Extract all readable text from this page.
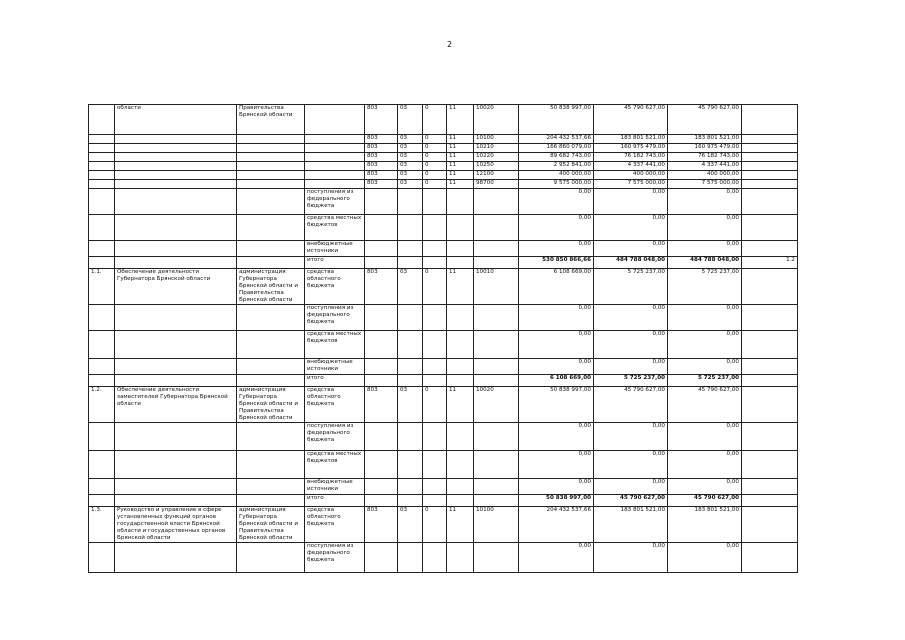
2
	области	Правительства Брянской области		803	03	0	11	10020	50 838 997,00	45 790 627,00	45 790 627,00	
				803	03	0	11	10100	204 432 537,66	183 801 521,00	183 801 521,00	
				803	03	0	11	10210	166 860 079,00	160 975 479,00	160 975 479,00	
				803	03	0	11	10220	89 682 743,00	76 182 743,00	76 182 743,00	
				803	03	0	11	10250	2 952 841,00	4 337 441,00	4 337 441,00	
				803	03	0	11	12100	400 000,00	400 000,00	400 000,00	
				803	03	0	11	98700	9 575 000,00	7 575 000,00	7 575 000,00	
			поступления из федерального бюджета						0,00	0,00	0,00	
			средства местных бюджетов						0,00	0,00	0,00	
			внебюджетные источники						0,00	0,00	0,00	
			итого						530 850 866,66	484 788 048,00	484 788 048,00	1.2
1.1.	Обеспечение деятельности Губернатора Брянской области	администрация Губернатора Брянской области и Правительства Брянской области	средства областного бюджета	803	03	0	11	10010	6 108 669,00	5 725 237,00	5 725 237,00	
			поступления из федерального бюджета						0,00	0,00	0,00	
			средства местных бюджетов						0,00	0,00	0,00	
			внебюджетные источники						0,00	0,00	0,00	
			итого						6 108 669,00	5 725 237,00	5 725 237,00	
1.2.	Обеспечение деятельности заместителей Губернатора Брянской области	администрация Губернатора Брянской области и Правительства Брянской области	средства областного бюджета	803	03	0	11	10020	50 838 997,00	45 790 627,00	45 790 627,00	
			поступления из федерального бюджета						0,00	0,00	0,00	
			средства местных бюджетов						0,00	0,00	0,00	
			внебюджетные источники						0,00	0,00	0,00	
			итого						50 838 997,00	45 790 627,00	45 790 627,00	
1.3.	Руководство и управление в сфере установленных функций органов государственной власти Брянской области и государственных органов Брянской области	администрация Губернатора Брянской области и Правительства Брянской области	средства областного бюджета	803	03	0	11	10100	204 432 537,66	183 801 521,00	183 801 521,00	
			поступления из федерального бюджета						0,00	0,00	0,00	
